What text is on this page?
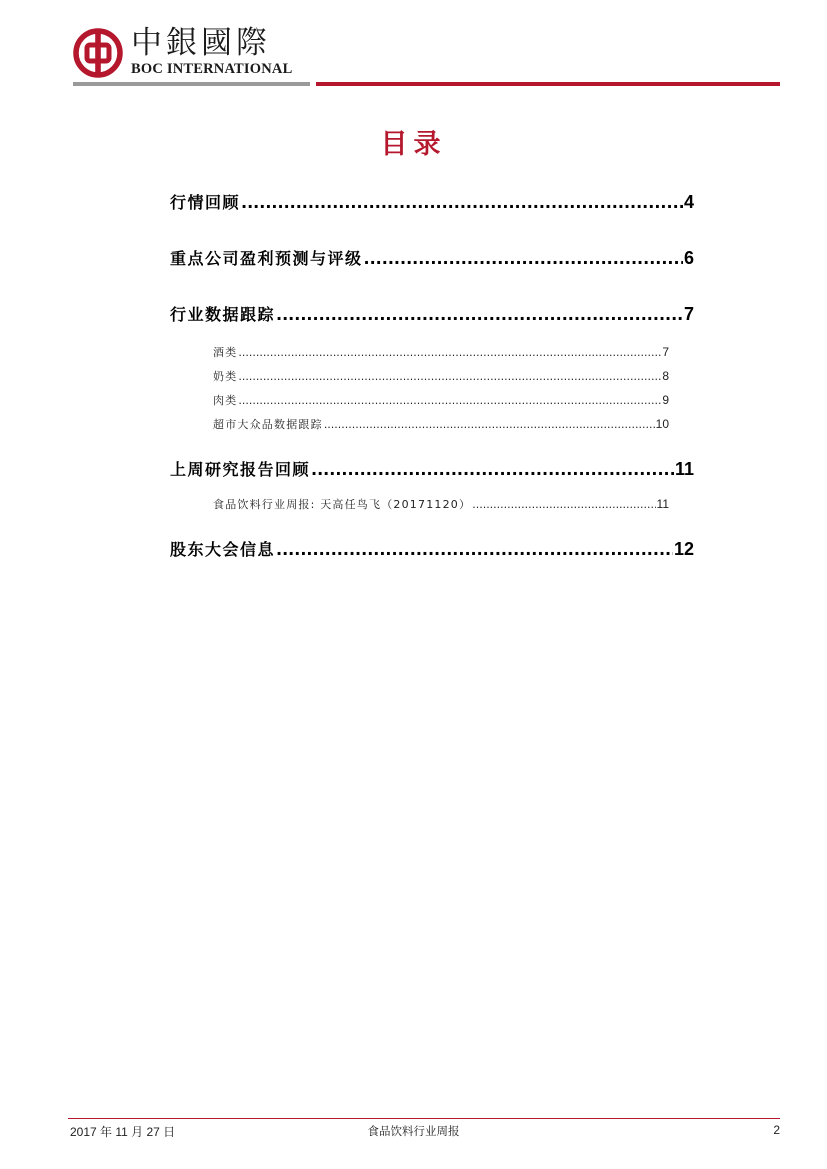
中銀國際
BOC INTERNATIONAL
目录
行情回顾 .....	4
重点公司盈利预测与评级 .....	6
行业数据跟踪 .....	7
酒类 .....	7
奶类 .....	8
肉类 .....	9
超市大众品数据跟踪 .....	10
上周研究报告回顾 .....	11
食品饮料行业周报: 天高任鸟飞（20171120） .....	11
股东大会信息 .....	12
2017 年 11 月 27 日	食品饮料行业周报	2
